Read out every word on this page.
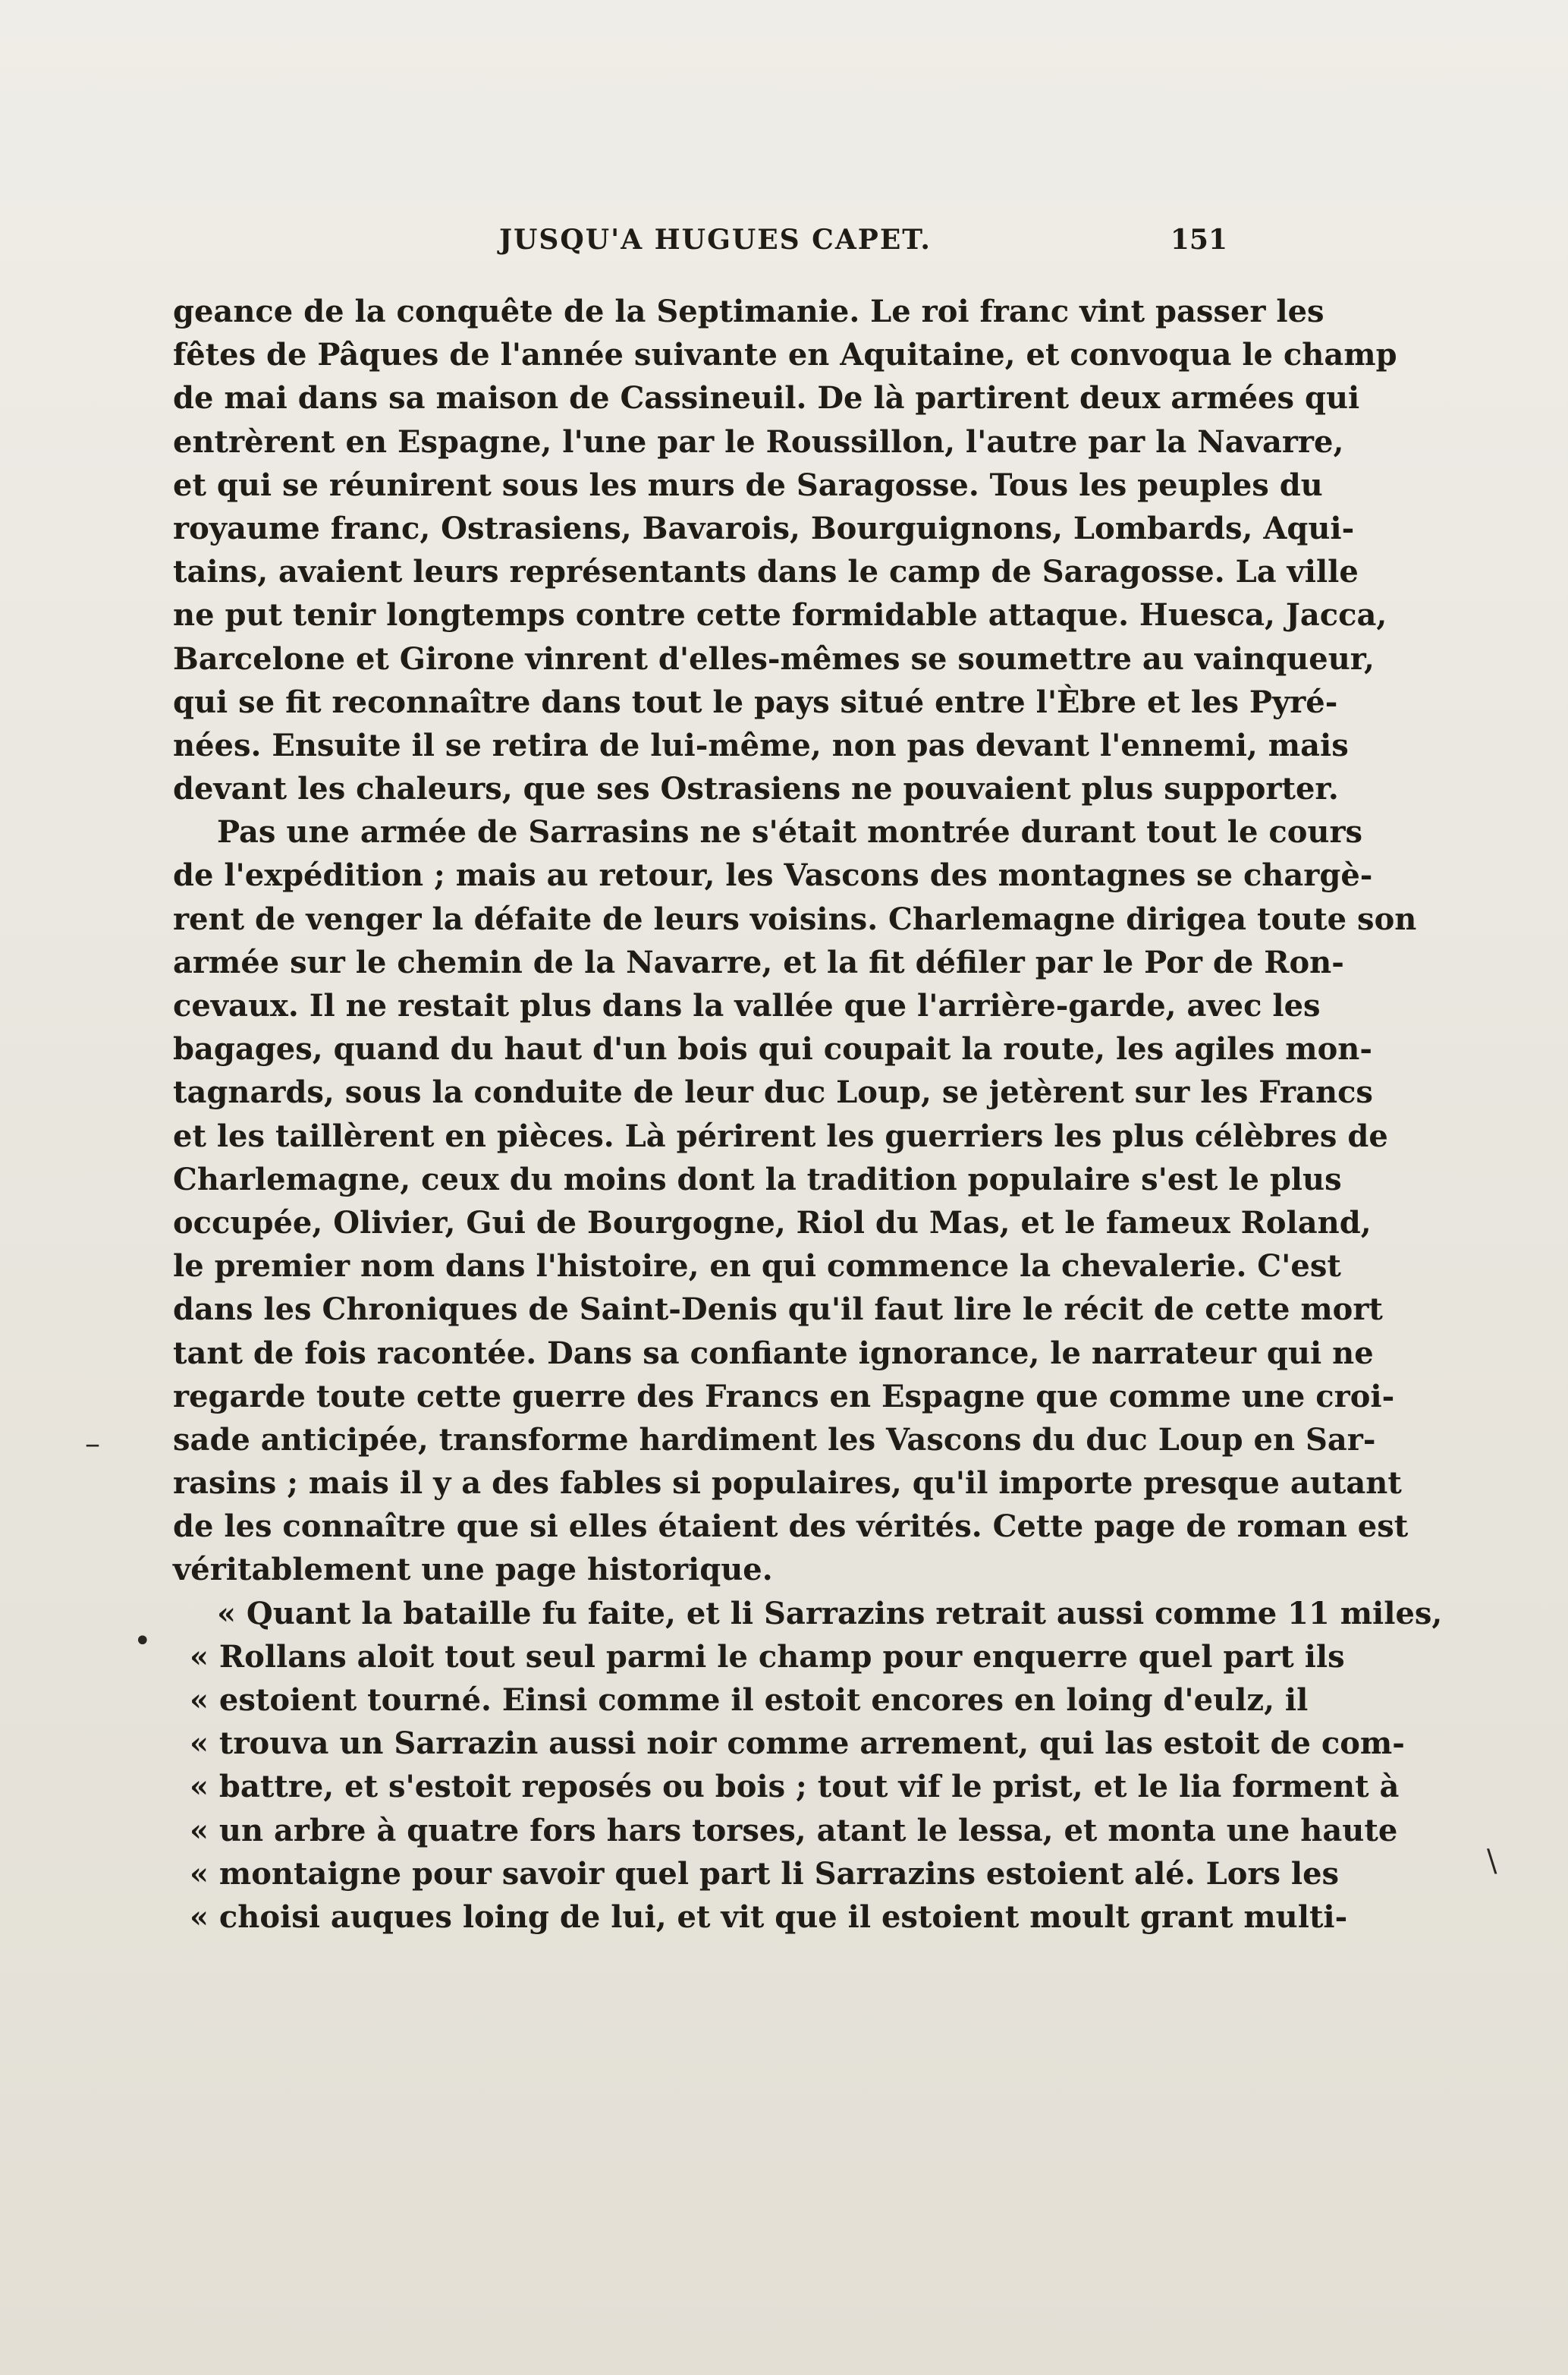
JUSQU'A HUGUES CAPET.	151
geance de la conquête de la Septimanie. Le roi franc vint passer les
fêtes de Pâques de l'année suivante en Aquitaine, et convoqua le champ
de mai dans sa maison de Cassineuil. De là partirent deux armées qui
entrèrent en Espagne, l'une par le Roussillon, l'autre par la Navarre,
et qui se réunirent sous les murs de Saragosse. Tous les peuples du
royaume franc, Ostrasiens, Bavarois, Bourguignons, Lombards, Aqui-
tains, avaient leurs représentants dans le camp de Saragosse. La ville
ne put tenir longtemps contre cette formidable attaque. Huesca, Jacca,
Barcelone et Girone vinrent d'elles-mêmes se soumettre au vainqueur,
qui se fit reconnaître dans tout le pays situé entre l'Èbre et les Pyré-
nées. Ensuite il se retira de lui-même, non pas devant l'ennemi, mais
devant les chaleurs, que ses Ostrasiens ne pouvaient plus supporter.
Pas une armée de Sarrasins ne s'était montrée durant tout le cours
de l'expédition ; mais au retour, les Vascons des montagnes se chargè-
rent de venger la défaite de leurs voisins. Charlemagne dirigea toute son
armée sur le chemin de la Navarre, et la fit défiler par le Por de Ron-
cevaux. Il ne restait plus dans la vallée que l'arrière-garde, avec les
bagages, quand du haut d'un bois qui coupait la route, les agiles mon-
tagnards, sous la conduite de leur duc Loup, se jetèrent sur les Francs
et les taillèrent en pièces. Là périrent les guerriers les plus célèbres de
Charlemagne, ceux du moins dont la tradition populaire s'est le plus
occupée, Olivier, Gui de Bourgogne, Riol du Mas, et le fameux Roland,
le premier nom dans l'histoire, en qui commence la chevalerie. C'est
dans les Chroniques de Saint-Denis qu'il faut lire le récit de cette mort
tant de fois racontée. Dans sa confiante ignorance, le narrateur qui ne
regarde toute cette guerre des Francs en Espagne que comme une croi-
sade anticipée, transforme hardiment les Vascons du duc Loup en Sar-
rasins ; mais il y a des fables si populaires, qu'il importe presque autant
de les connaître que si elles étaient des vérités. Cette page de roman est
véritablement une page historique.
« Quant la bataille fu faite, et li Sarrazins retrait aussi comme 11 miles,
« Rollans aloit tout seul parmi le champ pour enquerre quel part ils
« estoient tourné. Einsi comme il estoit encores en loing d'eulz, il
« trouva un Sarrazin aussi noir comme arrement, qui las estoit de com-
« battre, et s'estoit reposés ou bois ; tout vif le prist, et le lia forment à
« un arbre à quatre fors hars torses, atant le lessa, et monta une haute
« montaigne pour savoir quel part li Sarrazins estoient alé. Lors les
« choisi auques loing de lui, et vit que il estoient moult grant multi-
–
•
\
